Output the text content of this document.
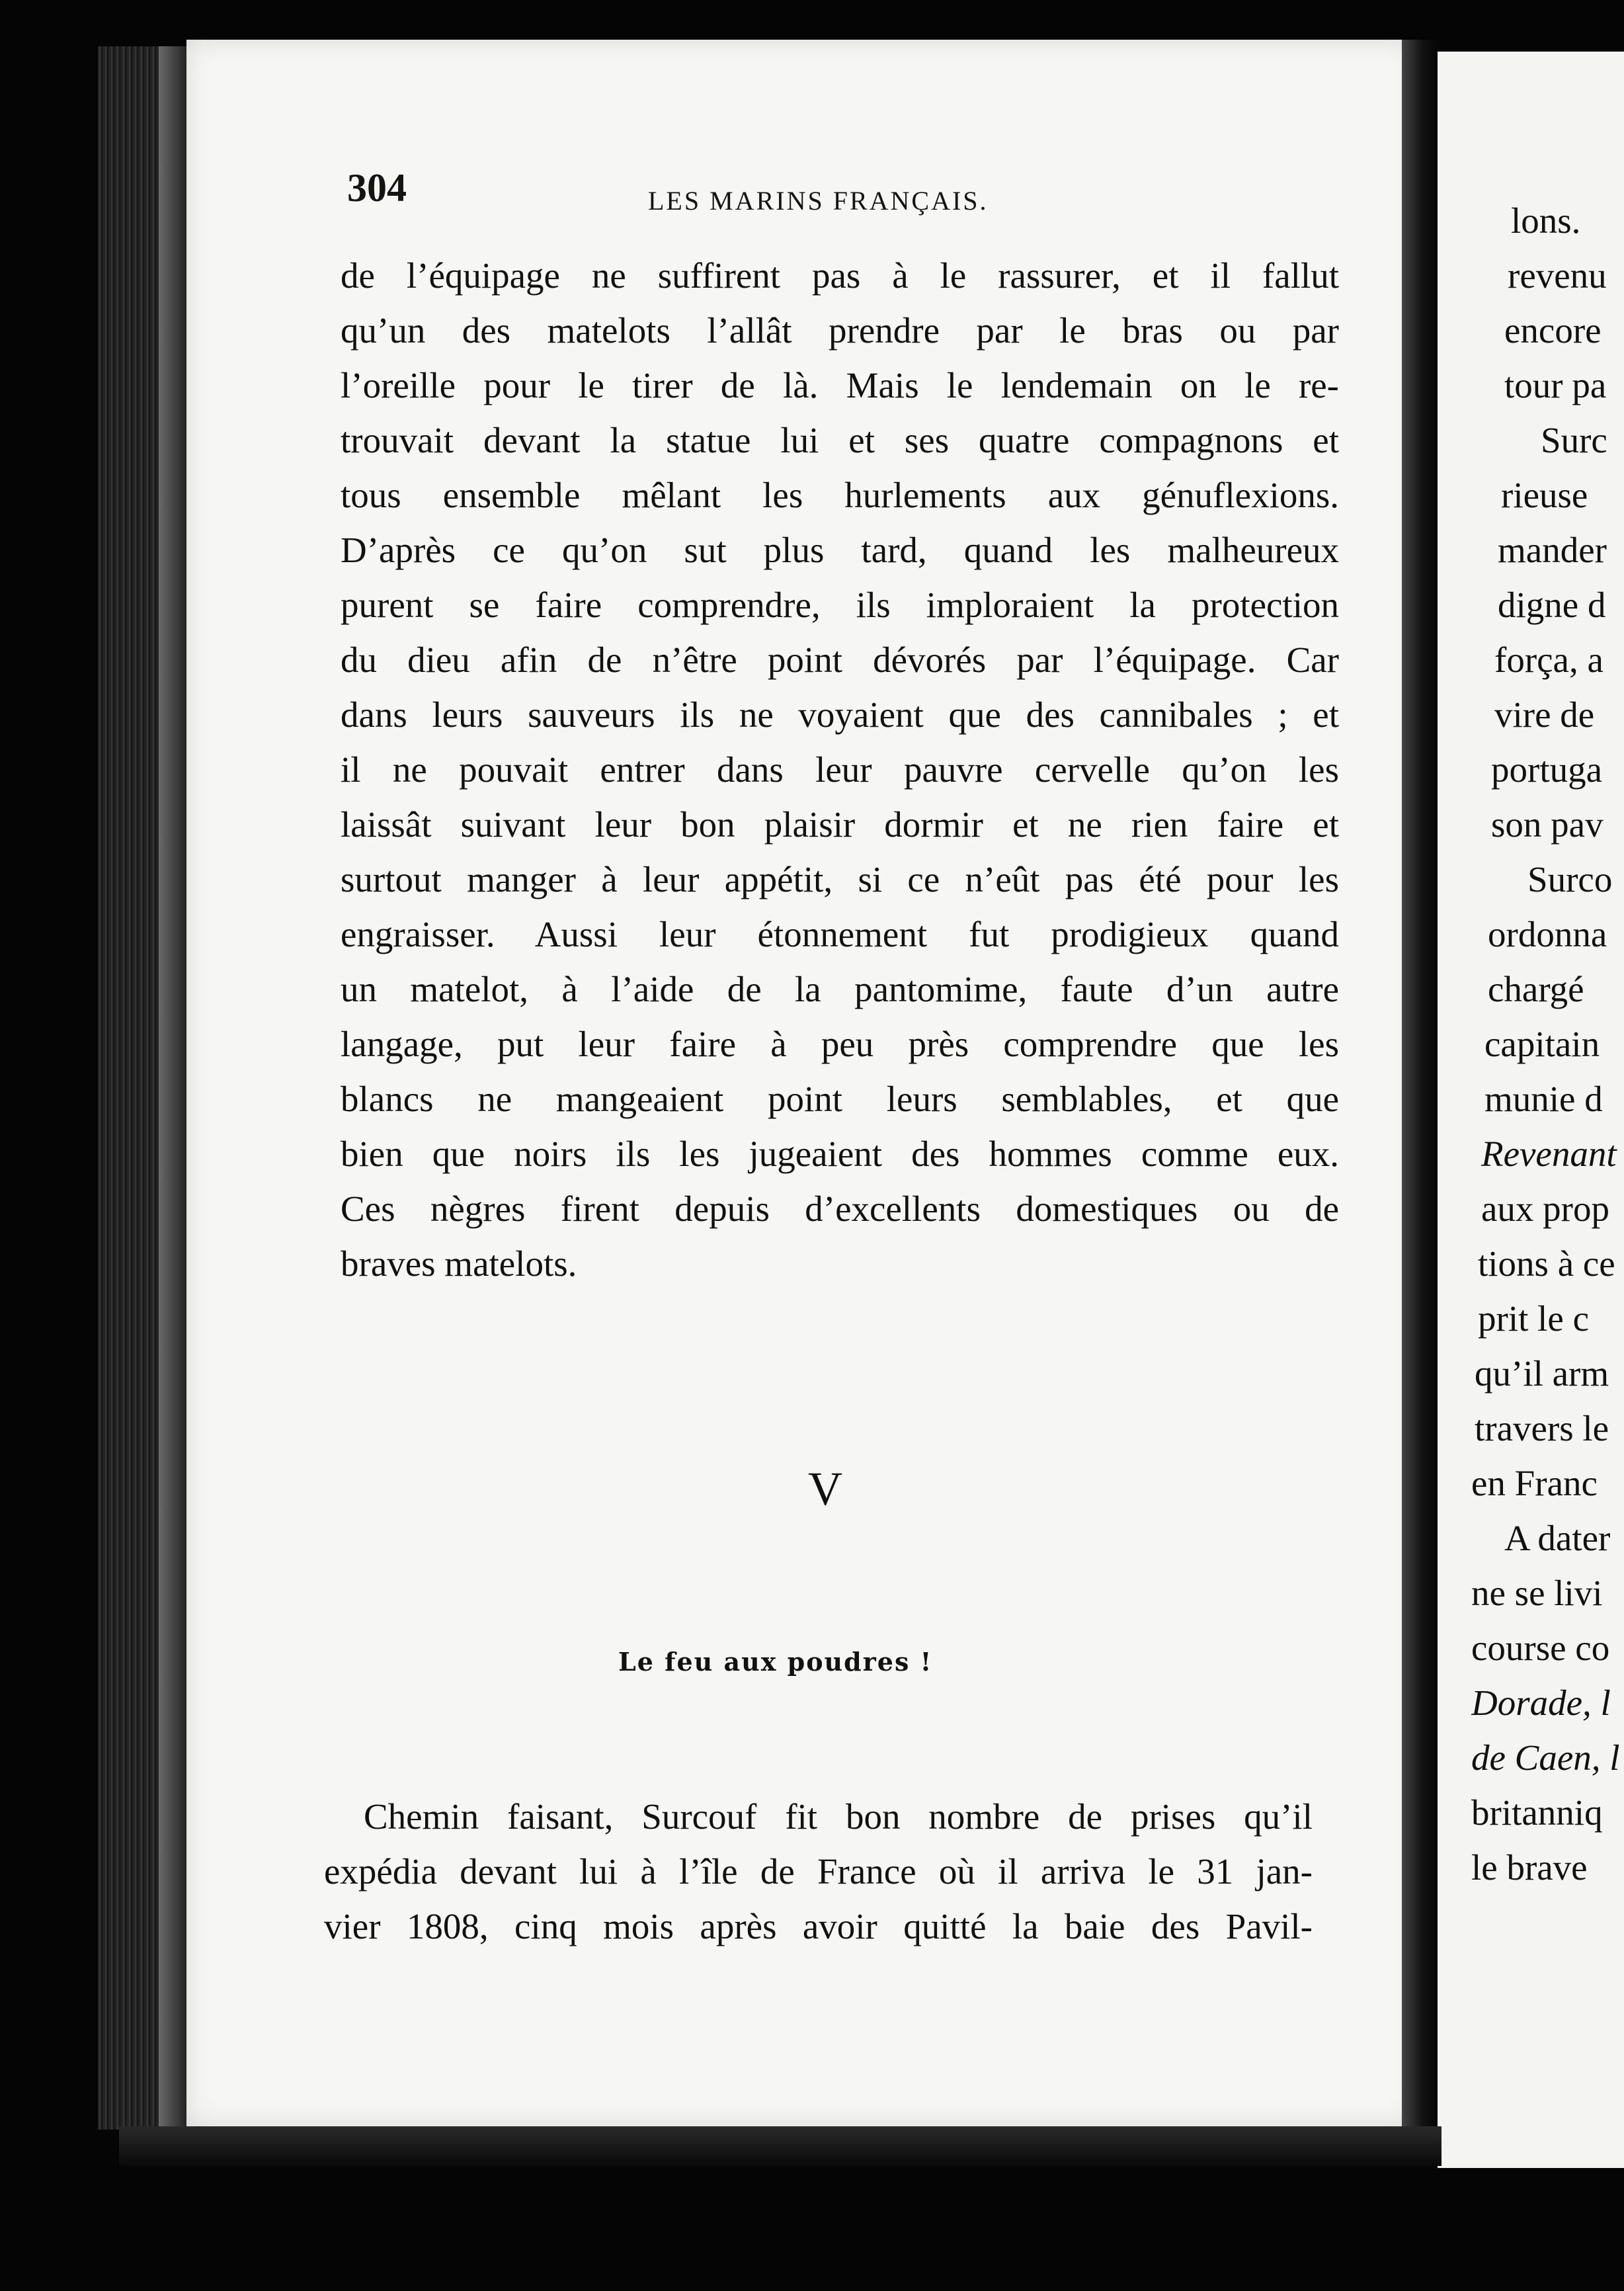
304	LES MARINS FRANÇAIS.
de l’équipage ne suffirent pas à le rassurer, et il fallut
qu’un des matelots l’allât prendre par le bras ou par
l’oreille pour le tirer de là. Mais le lendemain on le re-
trouvait devant la statue lui et ses quatre compagnons et
tous ensemble mêlant les hurlements aux génuflexions.
D’après ce qu’on sut plus tard, quand les malheureux
purent se faire comprendre, ils imploraient la protection
du dieu afin de n’être point dévorés par l’équipage. Car
dans leurs sauveurs ils ne voyaient que des cannibales ; et
il ne pouvait entrer dans leur pauvre cervelle qu’on les
laissât suivant leur bon plaisir dormir et ne rien faire et
surtout manger à leur appétit, si ce n’eût pas été pour les
engraisser. Aussi leur étonnement fut prodigieux quand
un matelot, à l’aide de la pantomime, faute d’un autre
langage, put leur faire à peu près comprendre que les
blancs ne mangeaient point leurs semblables, et que
bien que noirs ils les jugeaient des hommes comme eux.
Ces nègres firent depuis d’excellents domestiques ou de
braves matelots.
V
Le feu aux poudres !
Chemin faisant, Surcouf fit bon nombre de prises qu’il
expédia devant lui à l’île de France où il arriva le 31 jan-
vier 1808, cinq mois après avoir quitté la baie des Pavil-
lons.
revenu
encore
tour pa
Surc
rieuse
mander
digne d
força, a
vire de
portuga
son pav
Surco
ordonna
chargé
capitain
munie d
Revenant
aux prop
tions à ce
prit le c
qu’il arm
travers le
en Franc
A dater
ne se livi
course co
Dorade, l
de Caen, l
britanniq
le brave
